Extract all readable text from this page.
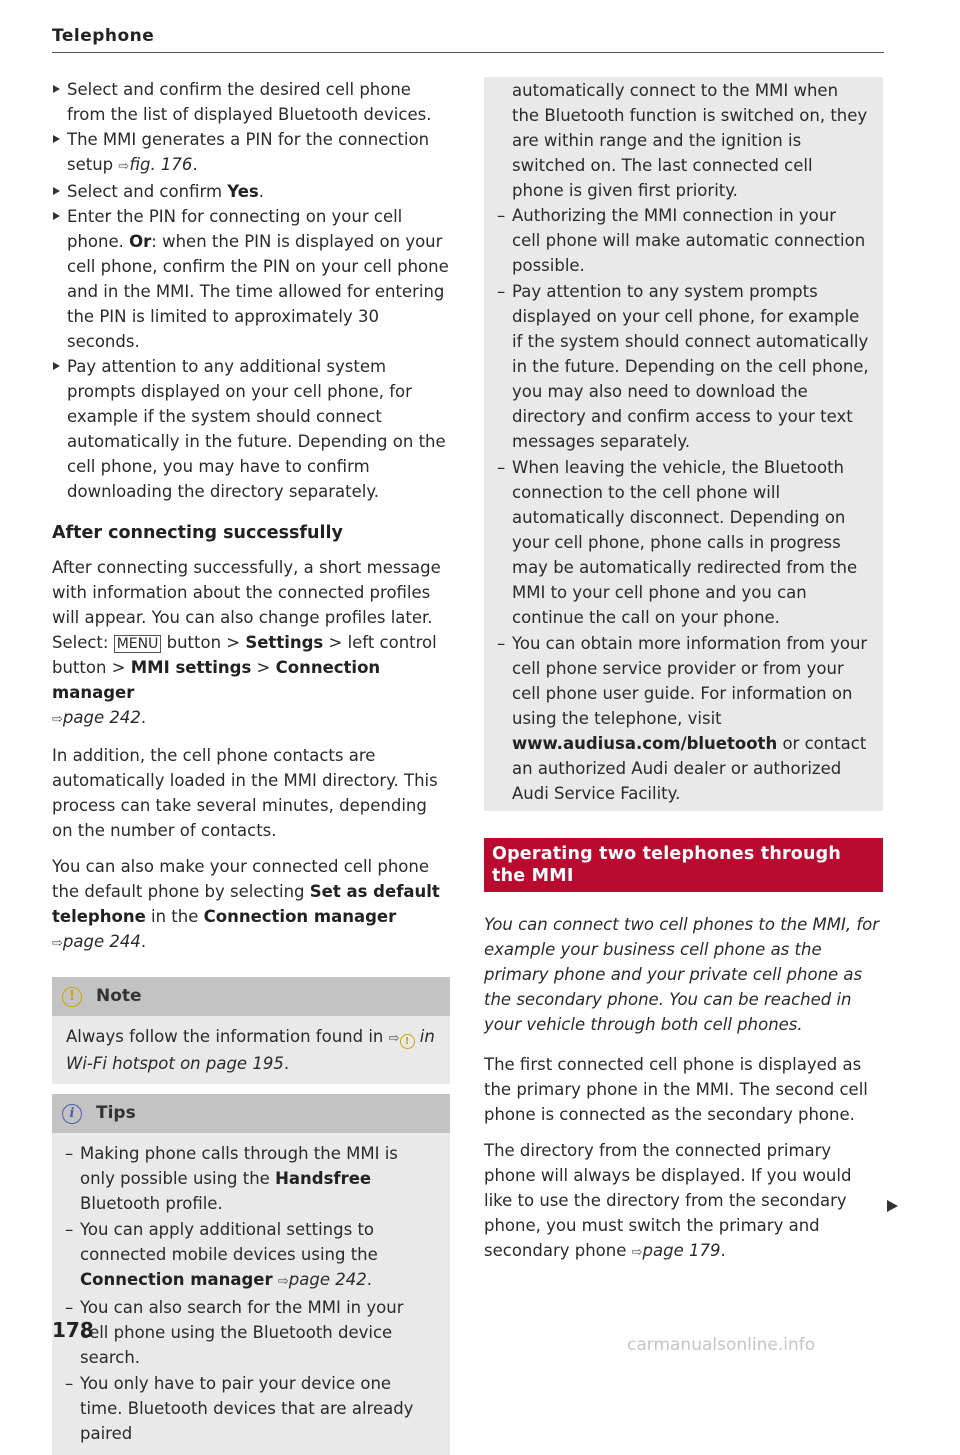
Telephone

Select and confirm the desired cell phone from the list of displayed Bluetooth devices.

The MMI generates a PIN for the connection setup ⇨fig. 176.

Select and confirm Yes.

Enter the PIN for connecting on your cell phone. Or: when the PIN is displayed on your cell phone, confirm the PIN on your cell phone and in the MMI. The time allowed for entering the PIN is limited to approximately 30 seconds.

Pay attention to any additional system prompts displayed on your cell phone, for example if the system should connect automatically in the future. Depending on the cell phone, you may have to confirm downloading the directory separately.

After connecting successfully

After connecting successfully, a short message with information about the connected profiles will appear. You can also change profiles later. Select: MENU button > Settings > left control button > MMI settings > Connection manager
⇨page 242.

In addition, the cell phone contacts are automatically loaded in the MMI directory. This process can take several minutes, depending on the number of contacts.

You can also make your connected cell phone the default phone by selecting Set as default telephone in the Connection manager ⇨page 244.

!	Note
Always follow the information found in ⇨ ! in Wi-Fi hotspot on page 195.
i	Tips

– Making phone calls through the MMI is only possible using the Handsfree Bluetooth profile.

– You can apply additional settings to connected mobile devices using the Connection manager ⇨page 242.

– You can also search for the MMI in your cell phone using the Bluetooth device search.

– You only have to pair your device one time. Bluetooth devices that are already paired

automatically connect to the MMI when the Bluetooth function is switched on, they are within range and the ignition is switched on. The last connected cell phone is given first priority.

– Authorizing the MMI connection in your cell phone will make automatic connection possible.

– Pay attention to any system prompts displayed on your cell phone, for example if the system should connect automatically in the future. Depending on the cell phone, you may also need to download the directory and confirm access to your text messages separately.

– When leaving the vehicle, the Bluetooth connection to the cell phone will automatically disconnect. Depending on your cell phone, phone calls in progress may be automatically redirected from the MMI to your cell phone and you can continue the call on your phone.

– You can obtain more information from your cell phone service provider or from your cell phone user guide. For information on using the telephone, visit www.audiusa.com/bluetooth or contact an authorized Audi dealer or authorized Audi Service Facility.

Operating two telephones through the MMI

You can connect two cell phones to the MMI, for example your business cell phone as the primary phone and your private cell phone as the secondary phone. You can be reached in your vehicle through both cell phones.

The first connected cell phone is displayed as the primary phone in the MMI. The second cell phone is connected as the secondary phone.

The directory from the connected primary phone will always be displayed. If you would like to use the directory from the secondary phone, you must switch the primary and secondary phone ⇨page 179.

178
carmanualsonline.info
